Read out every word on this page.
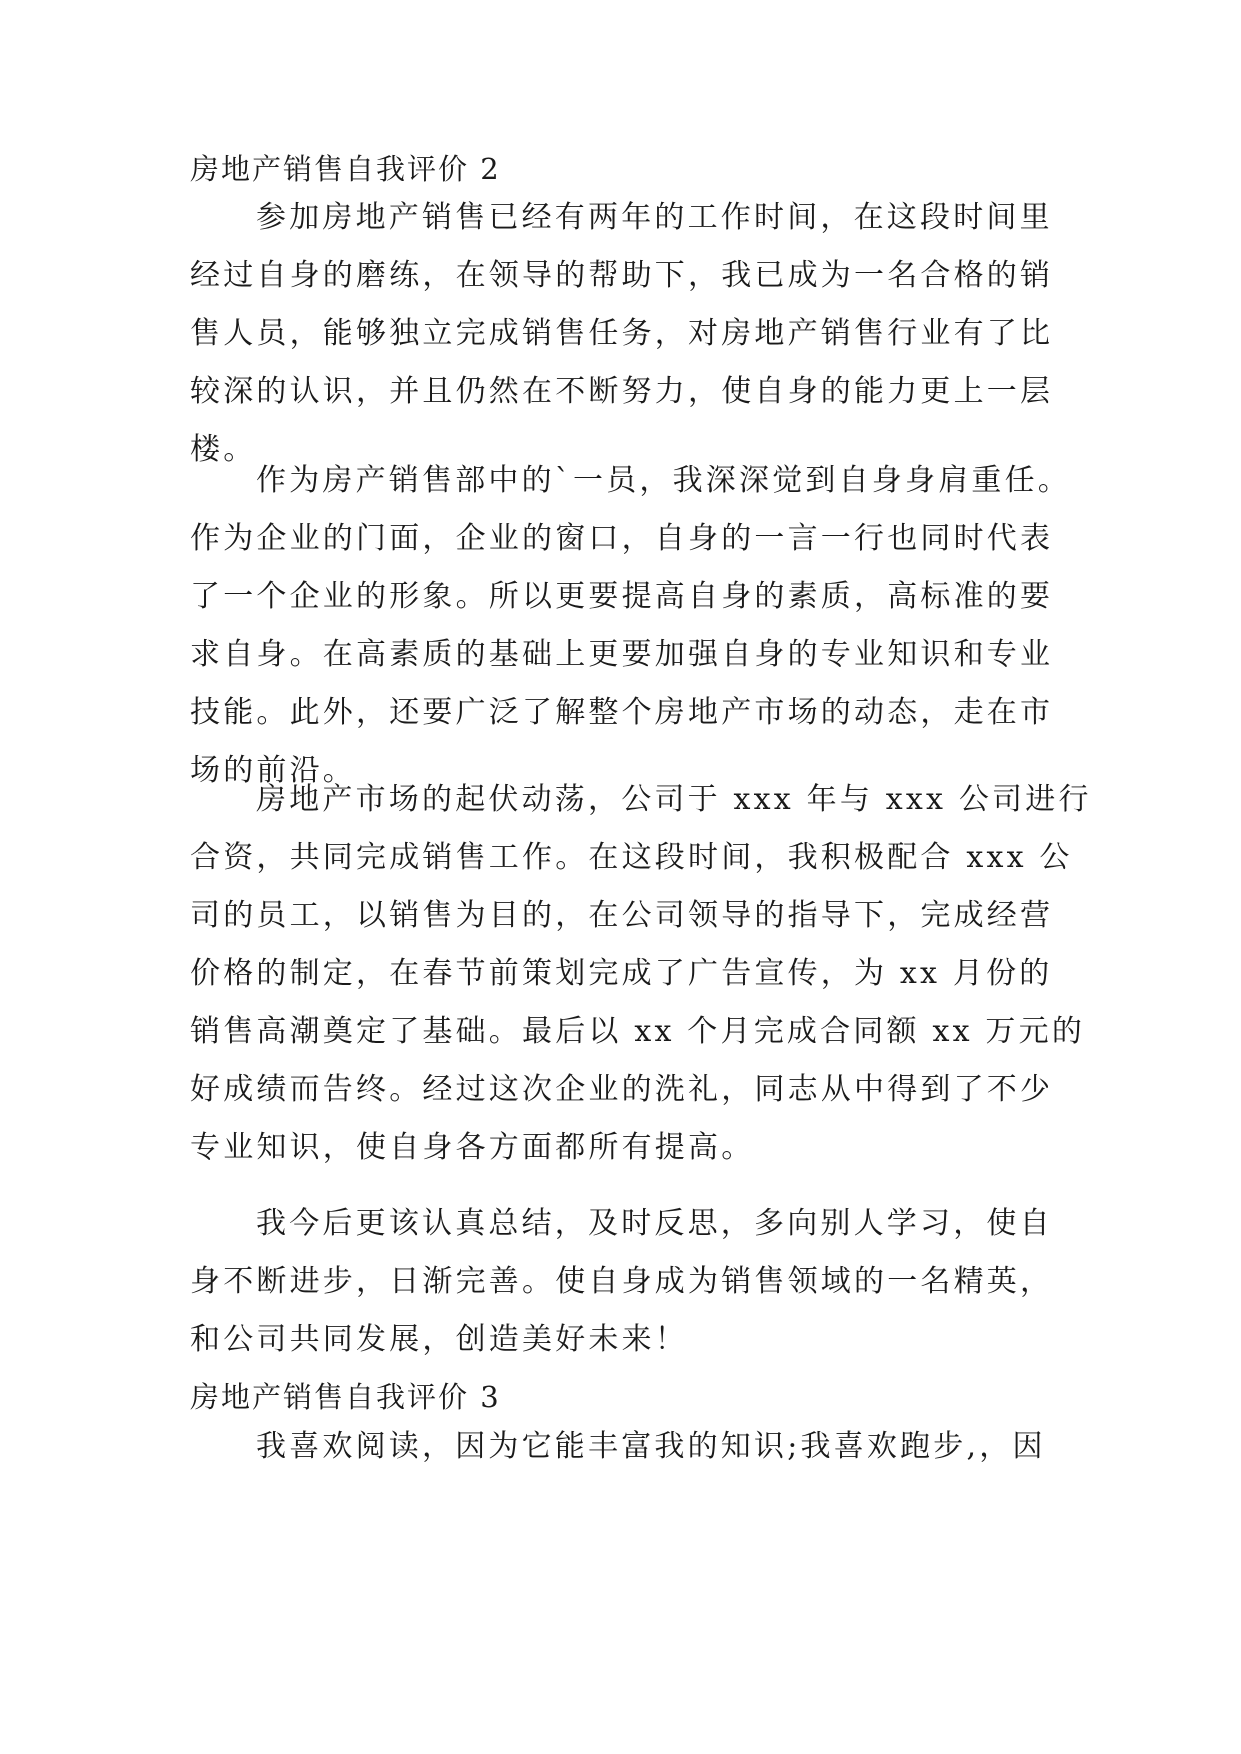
房地产销售自我评价 2
参加房地产销售已经有两年的工作时间，在这段时间里
经过自身的磨练，在领导的帮助下，我已成为一名合格的销
售人员，能够独立完成销售任务，对房地产销售行业有了比
较深的认识，并且仍然在不断努力，使自身的能力更上一层
楼。
作为房产销售部中的`一员，我深深觉到自身身肩重任。
作为企业的门面，企业的窗口，自身的一言一行也同时代表
了一个企业的形象。所以更要提高自身的素质，高标准的要
求自身。在高素质的基础上更要加强自身的专业知识和专业
技能。此外，还要广泛了解整个房地产市场的动态，走在市
场的前沿。
房地产市场的起伏动荡，公司于 xxx 年与 xxx 公司进行
合资，共同完成销售工作。在这段时间，我积极配合 xxx 公
司的员工，以销售为目的，在公司领导的指导下，完成经营
价格的制定，在春节前策划完成了广告宣传，为 xx 月份的
销售高潮奠定了基础。最后以 xx 个月完成合同额 xx 万元的
好成绩而告终。经过这次企业的洗礼，同志从中得到了不少
专业知识，使自身各方面都所有提高。
我今后更该认真总结，及时反思，多向别人学习，使自
身不断进步，日渐完善。使自身成为销售领域的一名精英，
和公司共同发展，创造美好未来！
房地产销售自我评价 3
我喜欢阅读，因为它能丰富我的知识;我喜欢跑步,，因
